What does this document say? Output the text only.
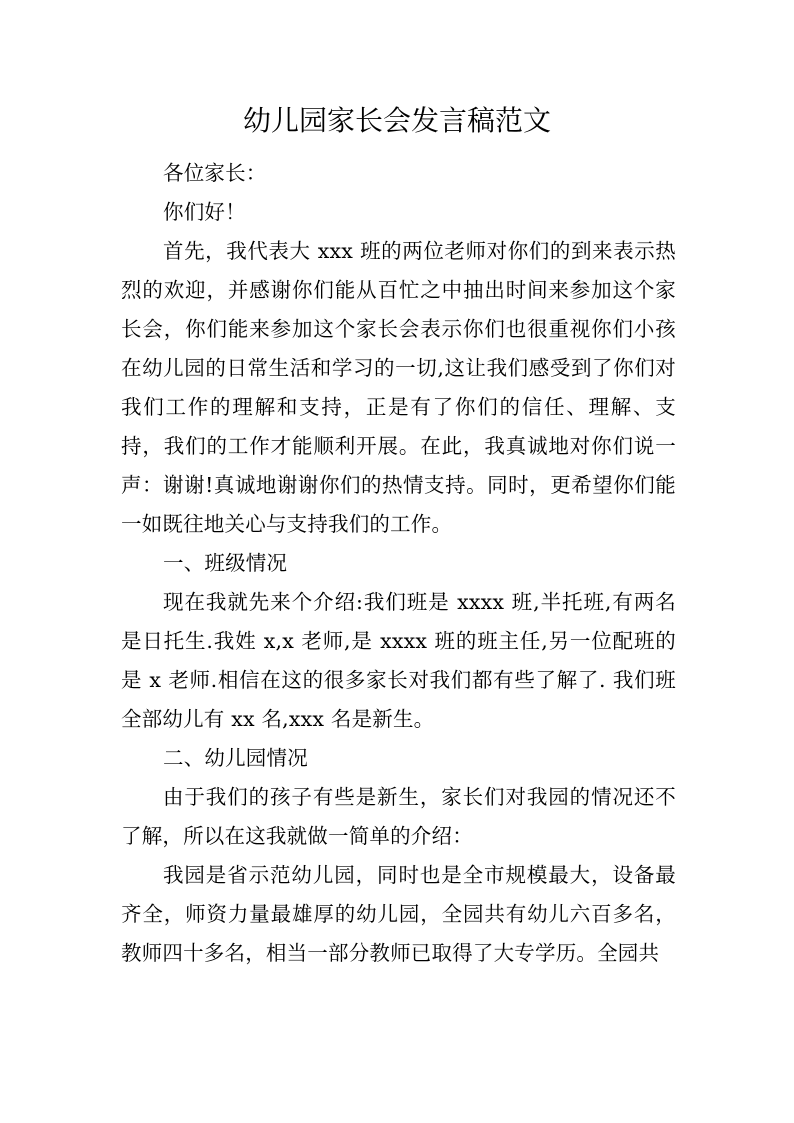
幼儿园家长会发言稿范文

各位家长：

你们好！

首先，我代表大 xxx 班的两位老师对你们的到来表示热烈的欢迎，并感谢你们能从百忙之中抽出时间来参加这个家长会，你们能来参加这个家长会表示你们也很重视你们小孩在幼儿园的日常生活和学习的一切,这让我们感受到了你们对我们工作的理解和支持，正是有了你们的信任、理解、支持，我们的工作才能顺利开展。在此，我真诚地对你们说一声：谢谢!真诚地谢谢你们的热情支持。同时，更希望你们能一如既往地关心与支持我们的工作。

一、班级情况

现在我就先来个介绍:我们班是 xxxx 班,半托班,有两名是日托生.我姓 x,x 老师,是 xxxx 班的班主任,另一位配班的是 x 老师.相信在这的很多家长对我们都有些了解了. 我们班全部幼儿有 xx 名,xxx 名是新生。

二、幼儿园情况

由于我们的孩子有些是新生，家长们对我园的情况还不了解，所以在这我就做一简单的介绍：

我园是省示范幼儿园，同时也是全市规模最大，设备最齐全，师资力量最雄厚的幼儿园，全园共有幼儿六百多名，教师四十多名，相当一部分教师已取得了大专学历。全园共
